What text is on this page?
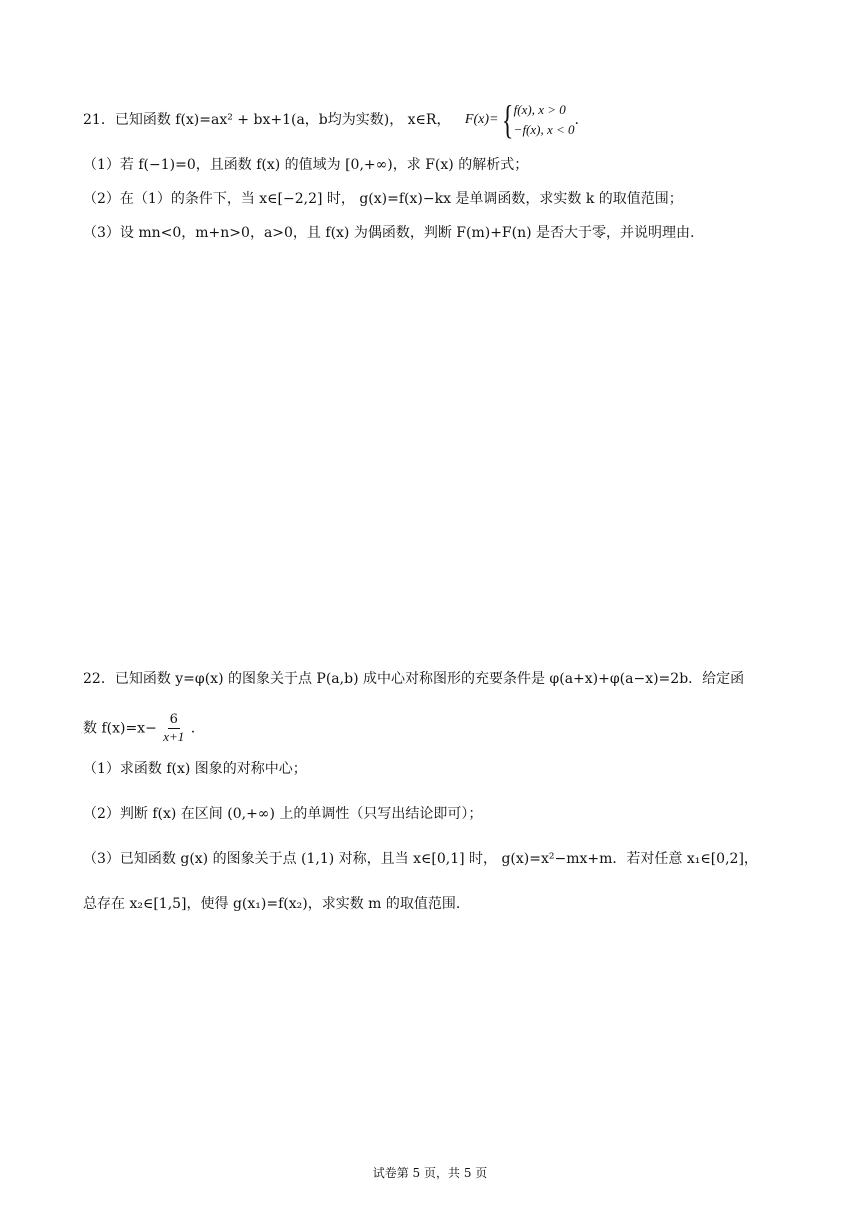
21．已知函数 f(x)=ax² + bx+1(a，b均为实数)， x∈R， F(x)= { f(x), x > 0
−f(x), x < 0
.
（1）若 f(−1)=0，且函数 f(x) 的值域为 [0,+∞)，求 F(x) 的解析式；
（2）在（1）的条件下，当 x∈[−2,2] 时， g(x)=f(x)−kx 是单调函数，求实数 k 的取值范围；
（3）设 mn<0，m+n>0，a>0，且 f(x) 为偶函数，判断 F(m)+F(n) 是否大于零，并说明理由.
22．已知函数 y=φ(x) 的图象关于点 P(a,b) 成中心对称图形的充要条件是 φ(a+x)+φ(a−x)=2b．给定函
数 $f(x)=x- \frac{6}{x+1}$ .
（1）求函数 f(x) 图象的对称中心；
（2）判断 f(x) 在区间 (0,+∞) 上的单调性（只写出结论即可）；
（3）已知函数 g(x) 的图象关于点 (1,1) 对称，且当 x∈[0,1] 时， g(x)=x²−mx+m．若对任意 x₁∈[0,2]，
总存在 x₂∈[1,5]，使得 g(x₁)=f(x₂)，求实数 m 的取值范围.
试卷第 5 页，共 5 页
